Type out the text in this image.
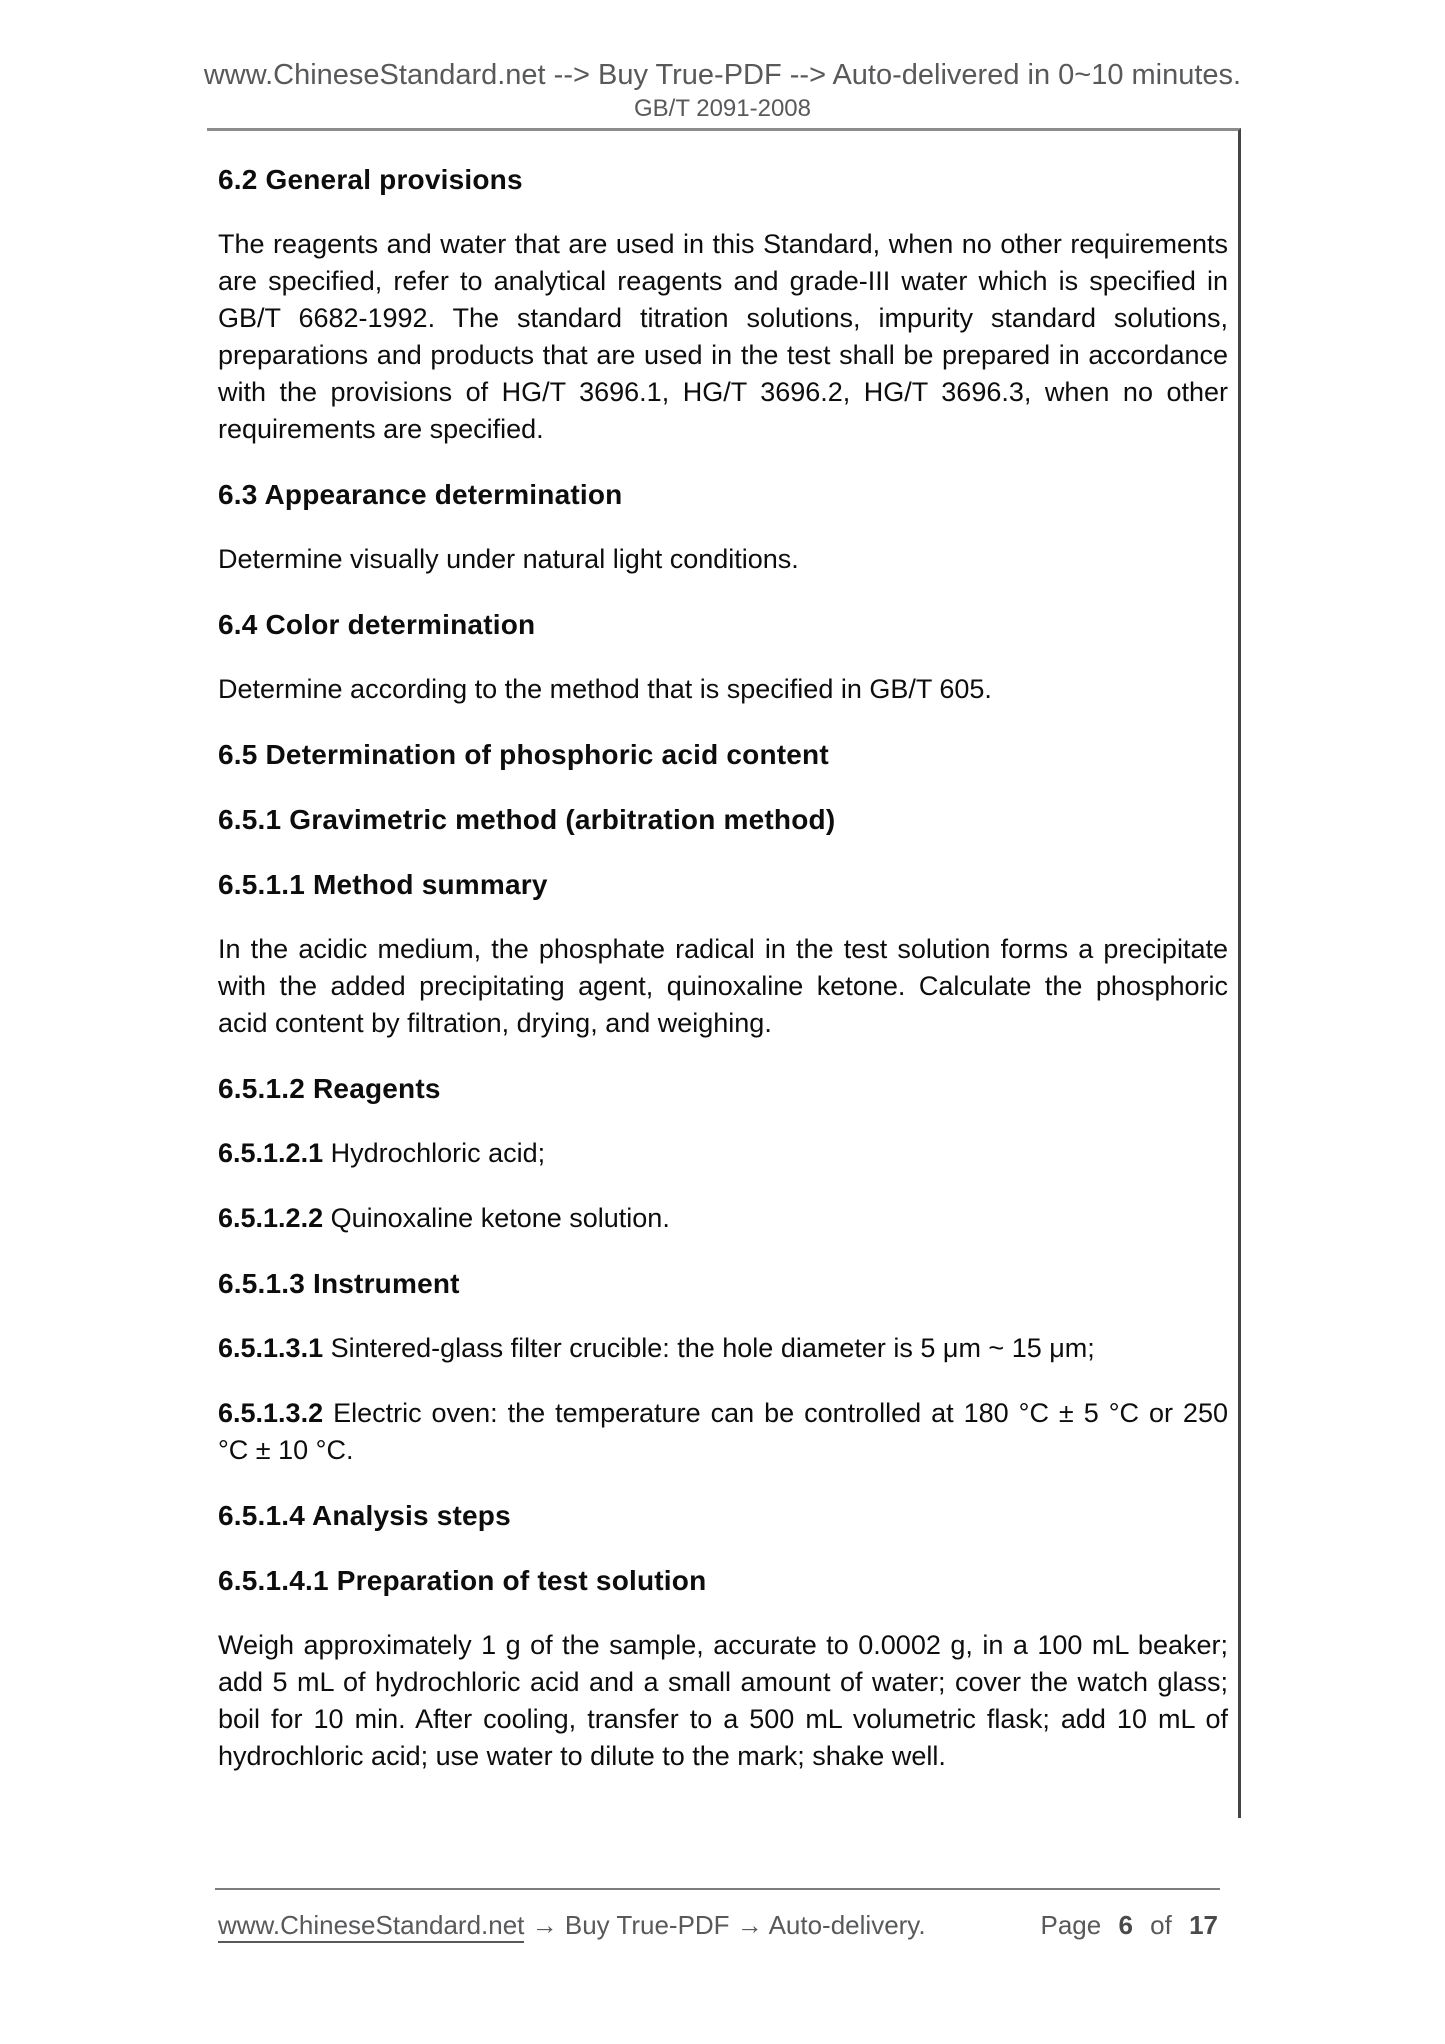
www.ChineseStandard.net --> Buy True-PDF --> Auto-delivered in 0~10 minutes.
GB/T 2091-2008
6.2 General provisions
The reagents and water that are used in this Standard, when no other requirements are specified, refer to analytical reagents and grade-III water which is specified in GB/T 6682-1992. The standard titration solutions, impurity standard solutions, preparations and products that are used in the test shall be prepared in accordance with the provisions of HG/T 3696.1, HG/T 3696.2, HG/T 3696.3, when no other requirements are specified.
6.3 Appearance determination
Determine visually under natural light conditions.
6.4 Color determination
Determine according to the method that is specified in GB/T 605.
6.5 Determination of phosphoric acid content
6.5.1 Gravimetric method (arbitration method)
6.5.1.1 Method summary
In the acidic medium, the phosphate radical in the test solution forms a precipitate with the added precipitating agent, quinoxaline ketone. Calculate the phosphoric acid content by filtration, drying, and weighing.
6.5.1.2 Reagents
6.5.1.2.1 Hydrochloric acid;
6.5.1.2.2 Quinoxaline ketone solution.
6.5.1.3 Instrument
6.5.1.3.1 Sintered-glass filter crucible: the hole diameter is 5 μm ~ 15 μm;
6.5.1.3.2 Electric oven: the temperature can be controlled at 180 °C ± 5 °C or 250 °C ± 10 °C.
6.5.1.4 Analysis steps
6.5.1.4.1 Preparation of test solution
Weigh approximately 1 g of the sample, accurate to 0.0002 g, in a 100 mL beaker; add 5 mL of hydrochloric acid and a small amount of water; cover the watch glass; boil for 10 min. After cooling, transfer to a 500 mL volumetric flask; add 10 mL of hydrochloric acid; use water to dilute to the mark; shake well.
www.ChineseStandard.net → Buy True-PDF → Auto-delivery.	Page 6 of 17
